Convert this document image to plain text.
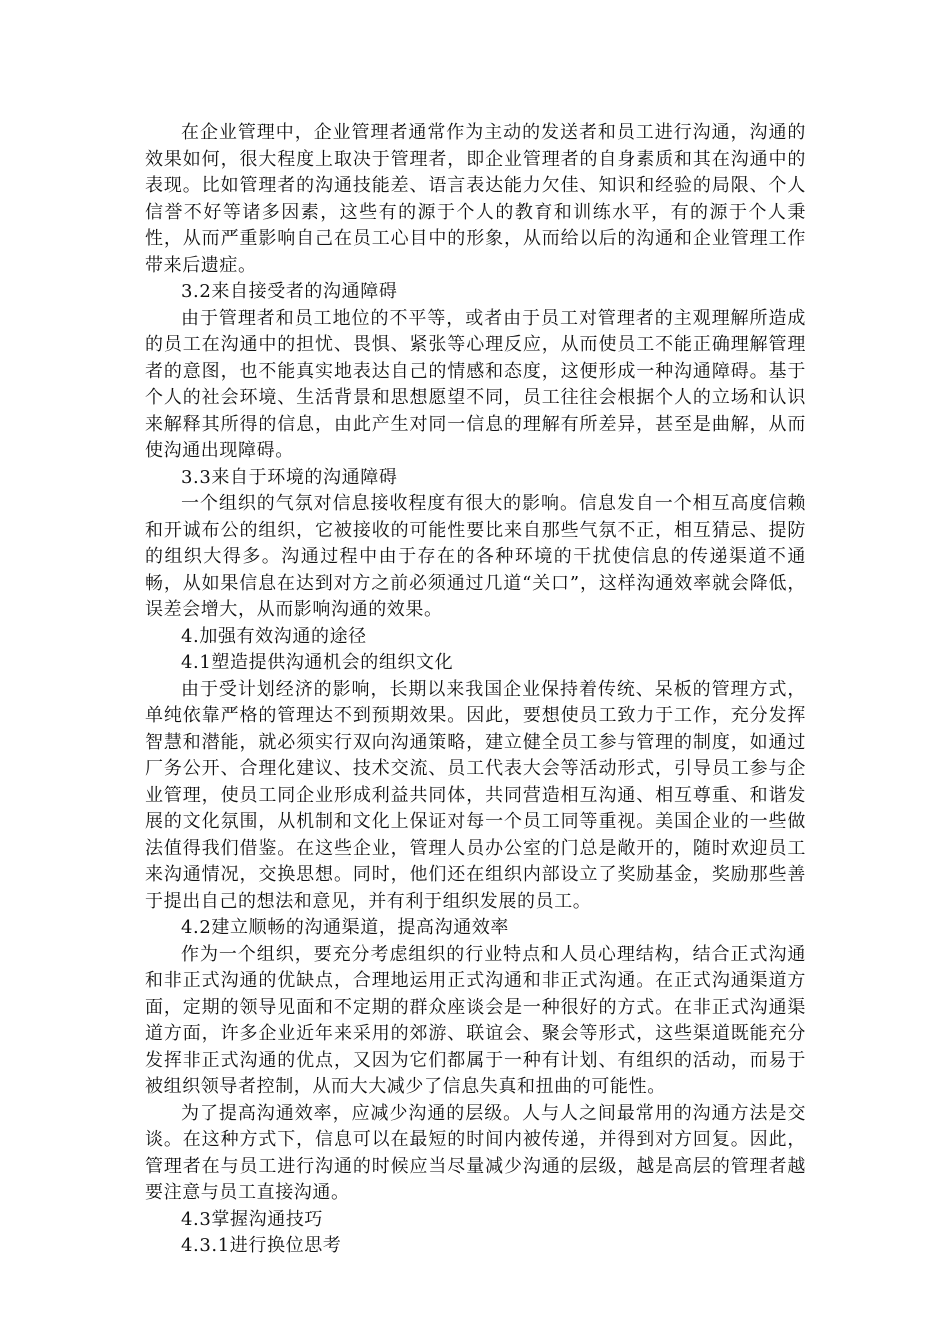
在企业管理中，企业管理者通常作为主动的发送者和员工进行沟通，沟通的效果如何，很大程度上取决于管理者，即企业管理者的自身素质和其在沟通中的表现。比如管理者的沟通技能差、语言表达能力欠佳、知识和经验的局限、个人信誉不好等诸多因素，这些有的源于个人的教育和训练水平，有的源于个人秉性，从而严重影响自己在员工心目中的形象，从而给以后的沟通和企业管理工作带来后遗症。

3.2来自接受者的沟通障碍

由于管理者和员工地位的不平等，或者由于员工对管理者的主观理解所造成的员工在沟通中的担忧、畏惧、紧张等心理反应，从而使员工不能正确理解管理者的意图，也不能真实地表达自己的情感和态度，这便形成一种沟通障碍。基于个人的社会环境、生活背景和思想愿望不同，员工往往会根据个人的立场和认识来解释其所得的信息，由此产生对同一信息的理解有所差异，甚至是曲解，从而使沟通出现障碍。

3.3来自于环境的沟通障碍

一个组织的气氛对信息接收程度有很大的影响。信息发自一个相互高度信赖和开诚布公的组织，它被接收的可能性要比来自那些气氛不正，相互猜忌、提防的组织大得多。沟通过程中由于存在的各种环境的干扰使信息的传递渠道不通畅，从如果信息在达到对方之前必须通过几道“关口”，这样沟通效率就会降低，误差会增大，从而影响沟通的效果。

4.加强有效沟通的途径

4.1塑造提供沟通机会的组织文化

由于受计划经济的影响，长期以来我国企业保持着传统、呆板的管理方式，单纯依靠严格的管理达不到预期效果。因此，要想使员工致力于工作，充分发挥智慧和潜能，就必须实行双向沟通策略，建立健全员工参与管理的制度，如通过厂务公开、合理化建议、技术交流、员工代表大会等活动形式，引导员工参与企业管理，使员工同企业形成利益共同体，共同营造相互沟通、相互尊重、和谐发展的文化氛围，从机制和文化上保证对每一个员工同等重视。美国企业的一些做法值得我们借鉴。在这些企业，管理人员办公室的门总是敞开的，随时欢迎员工来沟通情况，交换思想。同时，他们还在组织内部设立了奖励基金，奖励那些善于提出自己的想法和意见，并有利于组织发展的员工。

4.2建立顺畅的沟通渠道，提高沟通效率

作为一个组织，要充分考虑组织的行业特点和人员心理结构，结合正式沟通和非正式沟通的优缺点，合理地运用正式沟通和非正式沟通。在正式沟通渠道方面，定期的领导见面和不定期的群众座谈会是一种很好的方式。在非正式沟通渠道方面，许多企业近年来采用的郊游、联谊会、聚会等形式，这些渠道既能充分发挥非正式沟通的优点，又因为它们都属于一种有计划、有组织的活动，而易于被组织领导者控制，从而大大减少了信息失真和扭曲的可能性。

为了提高沟通效率，应减少沟通的层级。人与人之间最常用的沟通方法是交谈。在这种方式下，信息可以在最短的时间内被传递，并得到对方回复。因此，管理者在与员工进行沟通的时候应当尽量减少沟通的层级，越是高层的管理者越要注意与员工直接沟通。

4.3掌握沟通技巧

4.3.1进行换位思考
